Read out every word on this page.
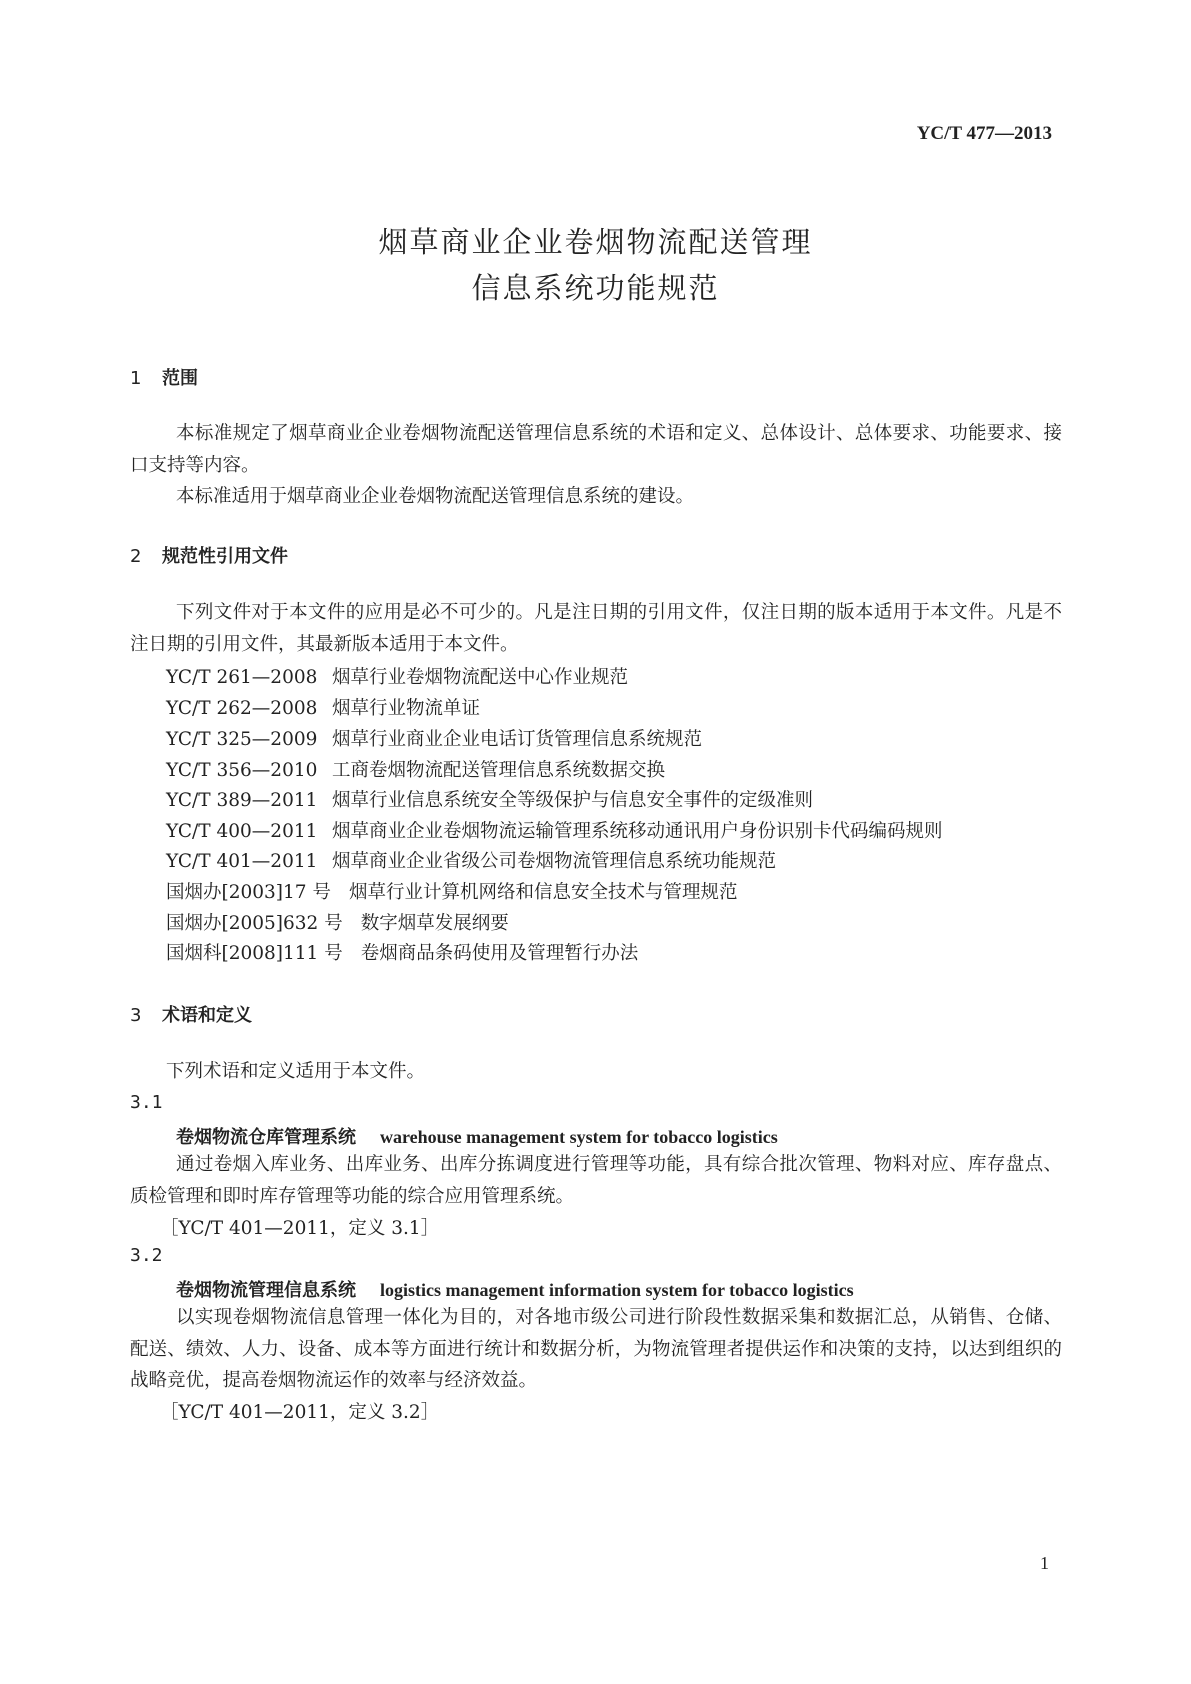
YC/T 477—2013
烟草商业企业卷烟物流配送管理
信息系统功能规范
1 范围
本标准规定了烟草商业企业卷烟物流配送管理信息系统的术语和定义、总体设计、总体要求、功能要求、接口支持等内容。
本标准适用于烟草商业企业卷烟物流配送管理信息系统的建设。
2 规范性引用文件
下列文件对于本文件的应用是必不可少的。凡是注日期的引用文件，仅注日期的版本适用于本文件。凡是不注日期的引用文件，其最新版本适用于本文件。
YC/T 261—2008 烟草行业卷烟物流配送中心作业规范
YC/T 262—2008 烟草行业物流单证
YC/T 325—2009 烟草行业商业企业电话订货管理信息系统规范
YC/T 356—2010 工商卷烟物流配送管理信息系统数据交换
YC/T 389—2011 烟草行业信息系统安全等级保护与信息安全事件的定级准则
YC/T 400—2011 烟草商业企业卷烟物流运输管理系统移动通讯用户身份识别卡代码编码规则
YC/T 401—2011 烟草商业企业省级公司卷烟物流管理信息系统功能规范
国烟办[2003]17 号 烟草行业计算机网络和信息安全技术与管理规范
国烟办[2005]632 号 数字烟草发展纲要
国烟科[2008]111 号 卷烟商品条码使用及管理暂行办法
3 术语和定义
下列术语和定义适用于本文件。
3.1
卷烟物流仓库管理系统 warehouse management system for tobacco logistics
通过卷烟入库业务、出库业务、出库分拣调度进行管理等功能，具有综合批次管理、物料对应、库存盘点、质检管理和即时库存管理等功能的综合应用管理系统。
［YC/T 401—2011，定义 3.1］
3.2
卷烟物流管理信息系统 logistics management information system for tobacco logistics
以实现卷烟物流信息管理一体化为目的，对各地市级公司进行阶段性数据采集和数据汇总，从销售、仓储、配送、绩效、人力、设备、成本等方面进行统计和数据分析，为物流管理者提供运作和决策的支持，以达到组织的战略竞优，提高卷烟物流运作的效率与经济效益。
［YC/T 401—2011，定义 3.2］
1
